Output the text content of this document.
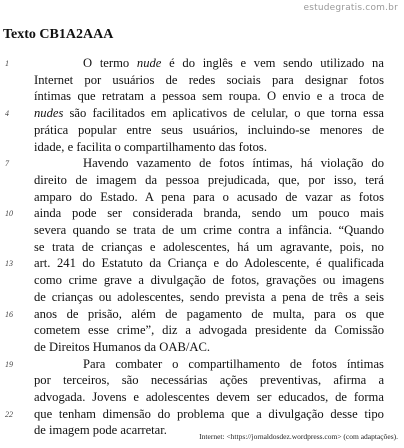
estudegratis.com.br
Texto CB1A2AAA
1	O termo nude é do inglês e vem sendo utilizado na
Internet por usuários de redes sociais para designar fotos
íntimas que retratam a pessoa sem roupa. O envio e a troca de
4	nudes são facilitados em aplicativos de celular, o que torna essa
prática popular entre seus usuários, incluindo-se menores de
idade, e facilita o compartilhamento das fotos.
7	Havendo vazamento de fotos íntimas, há violação do
direito de imagem da pessoa prejudicada, que, por isso, terá
amparo do Estado. A pena para o acusado de vazar as fotos
10	ainda pode ser considerada branda, sendo um pouco mais
severa quando se trata de um crime contra a infância. “Quando
se trata de crianças e adolescentes, há um agravante, pois, no
13	art. 241 do Estatuto da Criança e do Adolescente, é qualificada
como crime grave a divulgação de fotos, gravações ou imagens
de crianças ou adolescentes, sendo prevista a pena de três a seis
16	anos de prisão, além de pagamento de multa, para os que
cometem esse crime”, diz a advogada presidente da Comissão
de Direitos Humanos da OAB/AC.
19	Para combater o compartilhamento de fotos íntimas
por terceiros, são necessárias ações preventivas, afirma a
advogada. Jovens e adolescentes devem ser educados, de forma
22	que tenham dimensão do problema que a divulgação desse tipo
de imagem pode acarretar.	Internet: <https://jornaldosdez.wordpress.com> (com adaptações).
